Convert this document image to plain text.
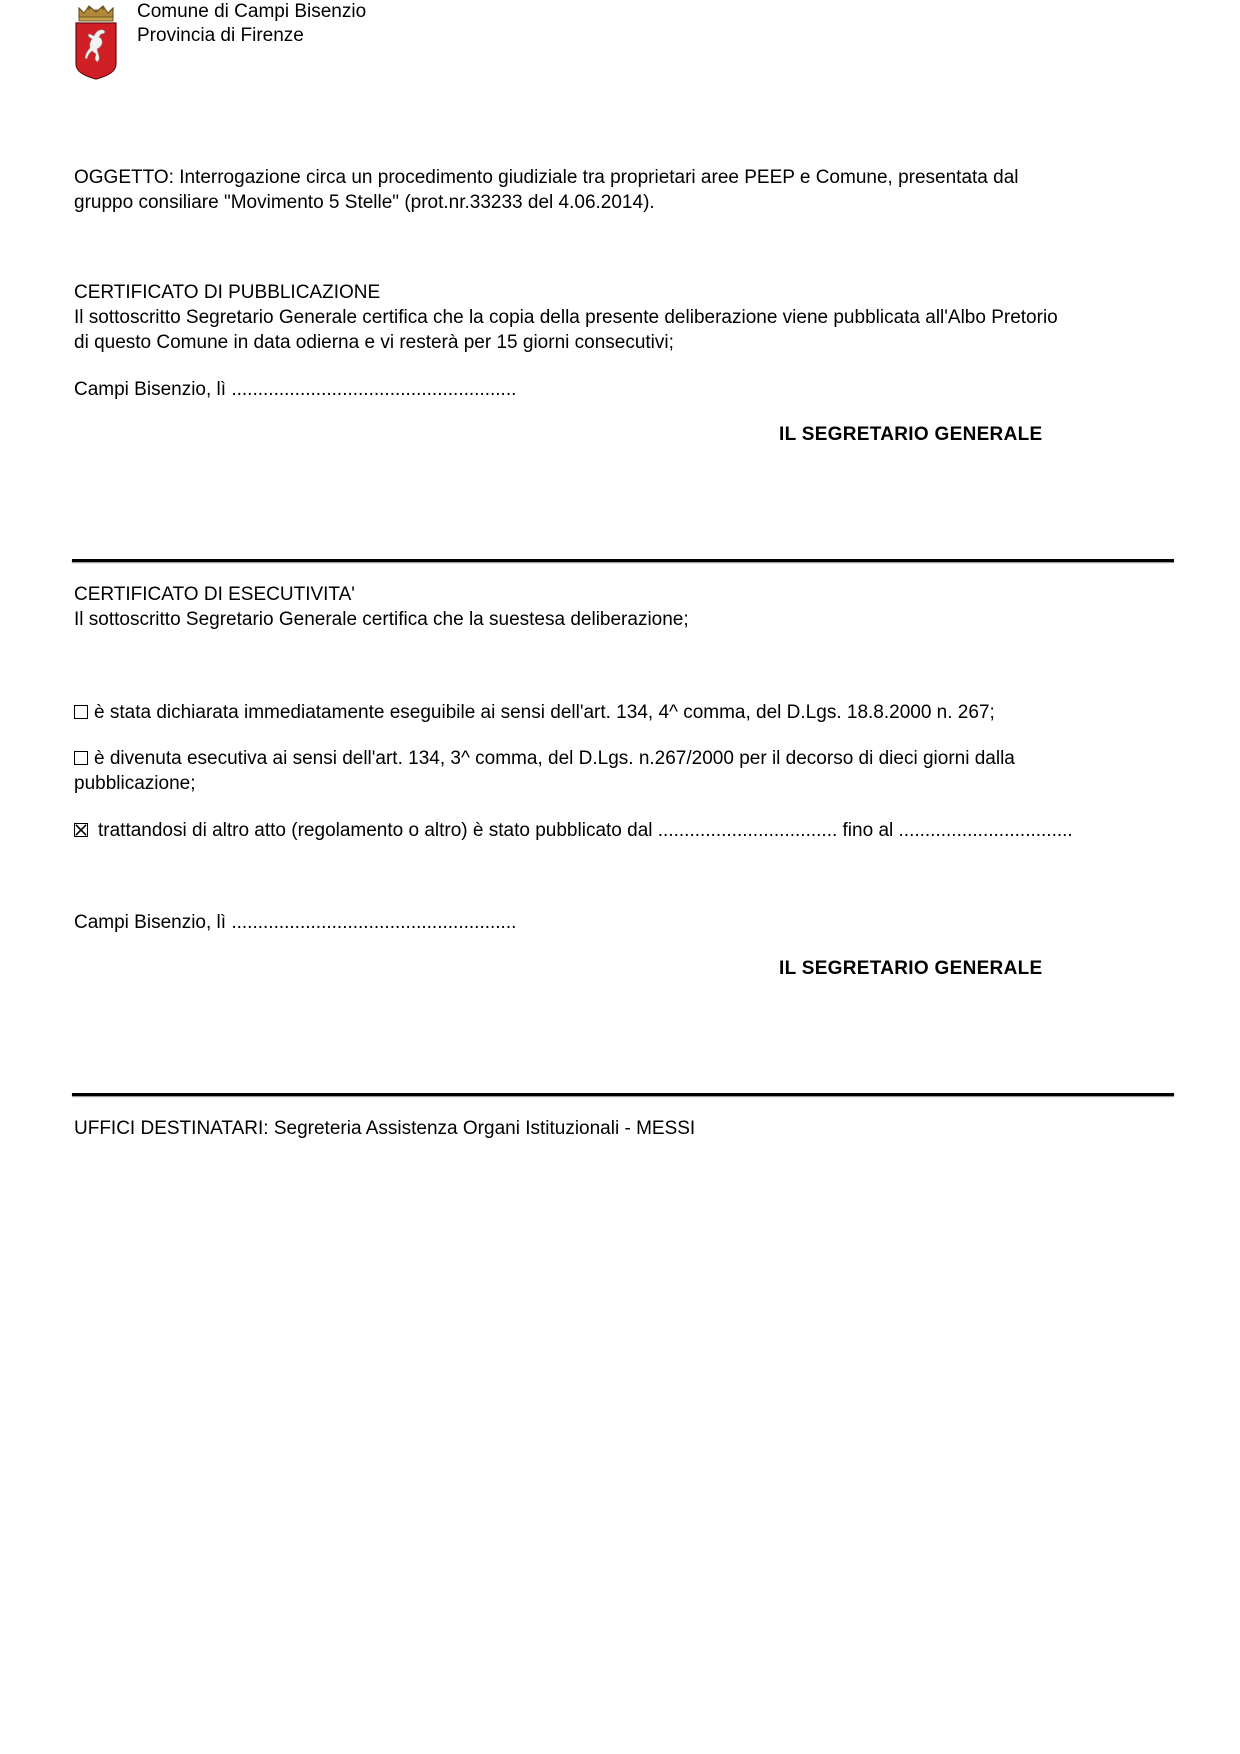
Comune di Campi Bisenzio
Provincia di Firenze
OGGETTO: Interrogazione circa un procedimento giudiziale tra proprietari aree PEEP e Comune, presentata dal
gruppo consiliare "Movimento 5 Stelle" (prot.nr.33233 del 4.06.2014).
CERTIFICATO DI PUBBLICAZIONE
Il sottoscritto Segretario Generale certifica che la copia della presente deliberazione viene pubblicata all'Albo Pretorio
di questo Comune in data odierna e vi resterà per 15 giorni consecutivi;
Campi Bisenzio, lì ......................................................
IL SEGRETARIO GENERALE
CERTIFICATO DI ESECUTIVITA'
Il sottoscritto Segretario Generale certifica che la suestesa deliberazione;
è stata dichiarata immediatamente eseguibile ai sensi dell'art. 134, 4^ comma, del D.Lgs. 18.8.2000 n. 267;
è divenuta esecutiva ai sensi dell'art. 134, 3^ comma, del D.Lgs. n.267/2000 per il decorso di dieci giorni dalla
pubblicazione;
trattandosi di altro atto (regolamento o altro) è stato pubblicato dal .................................. fino al .................................
Campi Bisenzio, lì ......................................................
IL SEGRETARIO GENERALE
UFFICI DESTINATARI: Segreteria Assistenza Organi Istituzionali - MESSI
